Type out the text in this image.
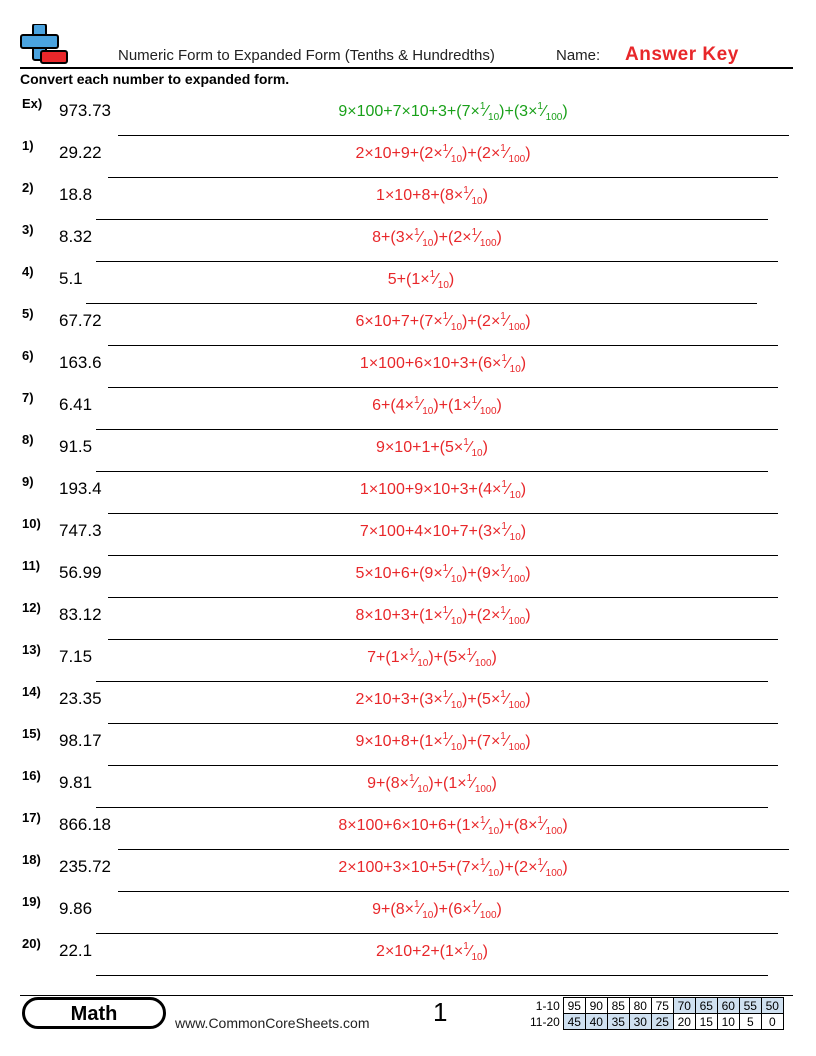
Numeric Form to Expanded Form (Tenths & Hundredths)	Name: Answer Key
Convert each number to expanded form.
Ex) 973.73	$9\times 100+7\times 10+3+(7\times^1⁄_{10})+(3\times^1⁄_{100})$
1) 29.22	$2\times 10+9+(2\times^1⁄_{10})+(2\times^1⁄_{100})$
2) 18.8	$1\times 10+8+(8\times^1⁄_{10})$
3) 8.32	$8+(3\times^1⁄_{10})+(2\times^1⁄_{100})$
4) 5.1	$5+(1\times^1⁄_{10})$
5) 67.72	$6\times 10+7+(7\times^1⁄_{10})+(2\times^1⁄_{100})$
6) 163.6	$1\times 100+6\times 10+3+(6\times^1⁄_{10})$
7) 6.41	$6+(4\times^1⁄_{10})+(1\times^1⁄_{100})$
8) 91.5	$9\times 10+1+(5\times^1⁄_{10})$
9) 193.4	$1\times 100+9\times 10+3+(4\times^1⁄_{10})$
10) 747.3	$7\times 100+4\times 10+7+(3\times^1⁄_{10})$
11) 56.99	$5\times 10+6+(9\times^1⁄_{10})+(9\times^1⁄_{100})$
12) 83.12	$8\times 10+3+(1\times^1⁄_{10})+(2\times^1⁄_{100})$
13) 7.15	$7+(1\times^1⁄_{10})+(5\times^1⁄_{100})$
14) 23.35	$2\times 10+3+(3\times^1⁄_{10})+(5\times^1⁄_{100})$
15) 98.17	$9\times 10+8+(1\times^1⁄_{10})+(7\times^1⁄_{100})$
16) 9.81	$9+(8\times^1⁄_{10})+(1\times^1⁄_{100})$
17) 866.18	$8\times 100+6\times 10+6+(1\times^1⁄_{10})+(8\times^1⁄_{100})$
18) 235.72	$2\times 100+3\times 10+5+(7\times^1⁄_{10})+(2\times^1⁄_{100})$
19) 9.86	$9+(8\times^1⁄_{10})+(6\times^1⁄_{100})$
20) 22.1	$2\times 10+2+(1\times^1⁄_{10})$
Math	www.CommonCoreSheets.com 1	1-10	95	90	85	80	75	70	65	60	55	50
11-20	45	40	35	30	25	20	15	10	5	0
